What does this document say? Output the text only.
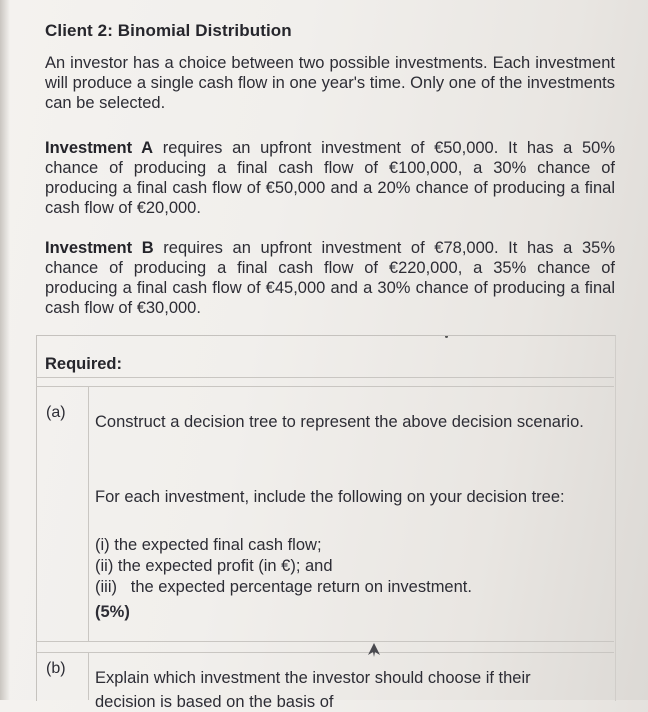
Client 2: Binomial Distribution

An investor has a choice between two possible investments. Each investment will produce a single cash flow in one year's time. Only one of the investments can be selected.

Investment A requires an upfront investment of €50,000. It has a 50% chance of producing a final cash flow of €100,000, a 30% chance of producing a final cash flow of €50,000 and a 20% chance of producing a final cash flow of €20,000.

Investment B requires an upfront investment of €78,000. It has a 35% chance of producing a final cash flow of €220,000, a 35% chance of producing a final cash flow of €45,000 and a 30% chance of producing a final cash flow of €30,000.

Required:
(a)

Construct a decision tree to represent the above decision scenario.

For each investment, include the following on your decision tree:

(i) the expected final cash flow;
(ii) the expected profit (in €); and
(iii)   the expected percentage return on investment.
(5%)
(b)

Explain which investment the investor should choose if their

decision is based on the basis of
